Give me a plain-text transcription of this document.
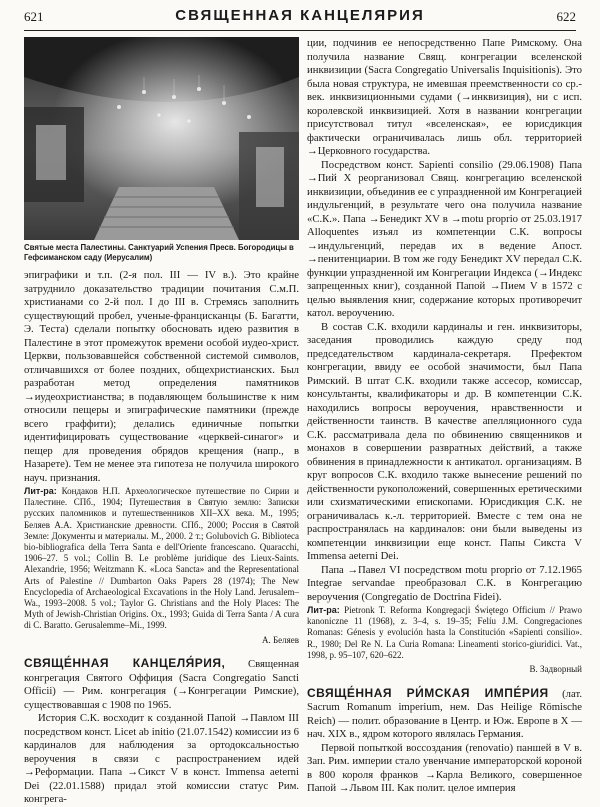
621	СВЯЩЕННАЯ КАНЦЕЛЯРИЯ	622
Святые места Палестины. Санктуарий Успения Пресв. Богородицы в Гефсиманском саду (Иерусалим)

эпиграфики и т.п. (2-я пол. III — IV в.). Это крайне затруднило доказательство традиции почитания С.м.П. христианами со 2-й пол. I до III в. Стремясь заполнить существующий пробел, ученые-францисканцы (Б. Багатти, Э. Теста) сделали попытку обосновать идею развития в Палестине в этот промежуток времени особой иудео-христ. Церкви, пользовавшейся собственной системой символов, отличавшихся от более поздних, общехристианских. Был разработан метод определения памятников →иудеохристианства; в подавляющем большинстве к ним относили пещеры и эпиграфические памятники (прежде всего граффити); делались единичные попытки идентифицировать существование «церквей-синагог» и пещер для проведения обрядов крещения (напр., в Назарете). Тем не менее эта гипотеза не получила широкого науч. признания.

Лит-ра: Кондаков Н.П. Археологическое путешествие по Сирии и Палестине. СПб., 1904; Путешествия в Святую землю: Записки русских паломников и путешественников XII–XX века. М., 1995; Беляев А.А. Христианские древности. СПб., 2000; Россия в Святой Земле: Документы и материалы. М., 2000. 2 т.; Golubovich G. Biblioteca bio-bibliografica della Terra Santa e dell'Oriente francescano. Quaracchi, 1906–27. 5 vol.; Collin B. Le problème juridique des Lieux-Saints. Alexandrie, 1956; Weitzmann K. «Loca Sancta» and the Representational Arts of Palestine // Dumbarton Oaks Papers 28 (1974); The New Encyclopedia of Archaeological Excavations in the Holy Land. Jerusalem–Wa., 1993–2008. 5 vol.; Taylor G. Christians and the Holy Places: The Myth of Jewish-Christian Origins. Ox., 1993; Guida di Terra Santa / A cura di C. Baratto. Gerusalemme–Mi., 1999.
А. Беляев

СВЯЩЕ́ННАЯ КАНЦЕЛЯ́РИЯ, Священная конгрегация Святого Оффиция (Sacra Congregatio Sancti Officii) — Рим. конгрегация (→Конгрегации Римские), существовавшая с 1908 по 1965.

История С.К. восходит к созданной Папой →Павлом III посредством конст. Licet ab initio (21.07.1542) комиссии из 6 кардиналов для наблюдения за ортодоксальностью вероучения в связи с распространением идей →Реформации. Папа →Сикст V в конст. Immensa aeterni Dei (22.01.1588) придал этой комиссии статус Рим. конгрега-

ции, подчинив ее непосредственно Папе Римскому. Она получила название Свящ. конгрегации вселенской инквизиции (Sacra Congregatio Universalis Inquisitionis). Это была новая структура, не имевшая преемственности со ср.-век. инквизиционными судами (→инквизиция), ни с исп. королевской инквизицией. Хотя в названии конгрегации присутствовал титул «вселенская», ее юрисдикция фактически ограничивалась лишь обл. территорией →Церковного государства.

Посредством конст. Sapienti consilio (29.06.1908) Папа →Пий X реорганизовал Свящ. конгрегацию вселенской инквизиции, объединив ее с упраздненной им Конгрегацией индульгенций, в результате чего она получила название «С.К.». Папа →Бенедикт XV в →motu proprio от 25.03.1917 Alloquentes изъял из компетенции С.К. вопросы →индульгенций, передав их в ведение Апост. →пенитенциарии. В том же году Бенедикт XV передал С.К. функции упраздненной им Конгрегации Индекса (→Индекс запрещенных книг), созданной Папой →Пием V в 1572 с целью выявления книг, содержание которых противоречит катол. вероучению.

В состав С.К. входили кардиналы и ген. инквизиторы, заседания проводились каждую среду под председательством кардинала-секретаря. Префектом конгрегации, ввиду ее особой значимости, был Папа Римский. В штат С.К. входили также ассесор, комиссар, консультанты, квалификаторы и др. В компетенции С.К. находились вопросы вероучения, нравственности и действенности таинств. В качестве апелляционного суда С.К. рассматривала дела по обвинению священников и монахов в совершении развратных действий, а также обвинения в принадлежности к антикатол. организациям. В круг вопросов С.К. входило также вынесение решений по действенности рукоположений, совершенных еретическими или схизматическими епископами. Юрисдикция С.К. не ограничивалась к.-л. территорией. Вместе с тем она не распространялась на кардиналов: они были выведены из компетенции инквизиции еще конст. Папы Сикста V Immensa aeterni Dei.

Папа →Павел VI посредством motu proprio от 7.12.1965 Integrae servandae преобразовал С.К. в Конгрегацию вероучения (Congregatio de Doctrina Fidei).

Лит-ра: Pietronk T. Reforma Kongregacji Świętego Officium // Prawo kanoniczne 11 (1968), z. 3–4, s. 19–35; Felíu J.M. Congregaciones Romanas: Génesis y evolución hasta la Constitución «Sapienti consilio». R., 1980; Del Re N. La Curia Romana: Lineamenti storico-giuridici. Vat., 1998, p. 95–107, 620–622.
В. Задворный

СВЯЩЕ́ННАЯ РИ́МСКАЯ ИМПЕ́РИЯ (лат. Sacrum Romanum imperium, нем. Das Heilige Römische Reich) — полит. образование в Центр. и Юж. Европе в X — нач. XIX в., ядром которого являлась Германия.

Первой попыткой воссоздания (renovatio) паншей в V в. Зап. Рим. империи стало увенчание императорской короной в 800 короля франков →Карла Великого, совершенное Папой →Львом III. Как полит. целое империя
